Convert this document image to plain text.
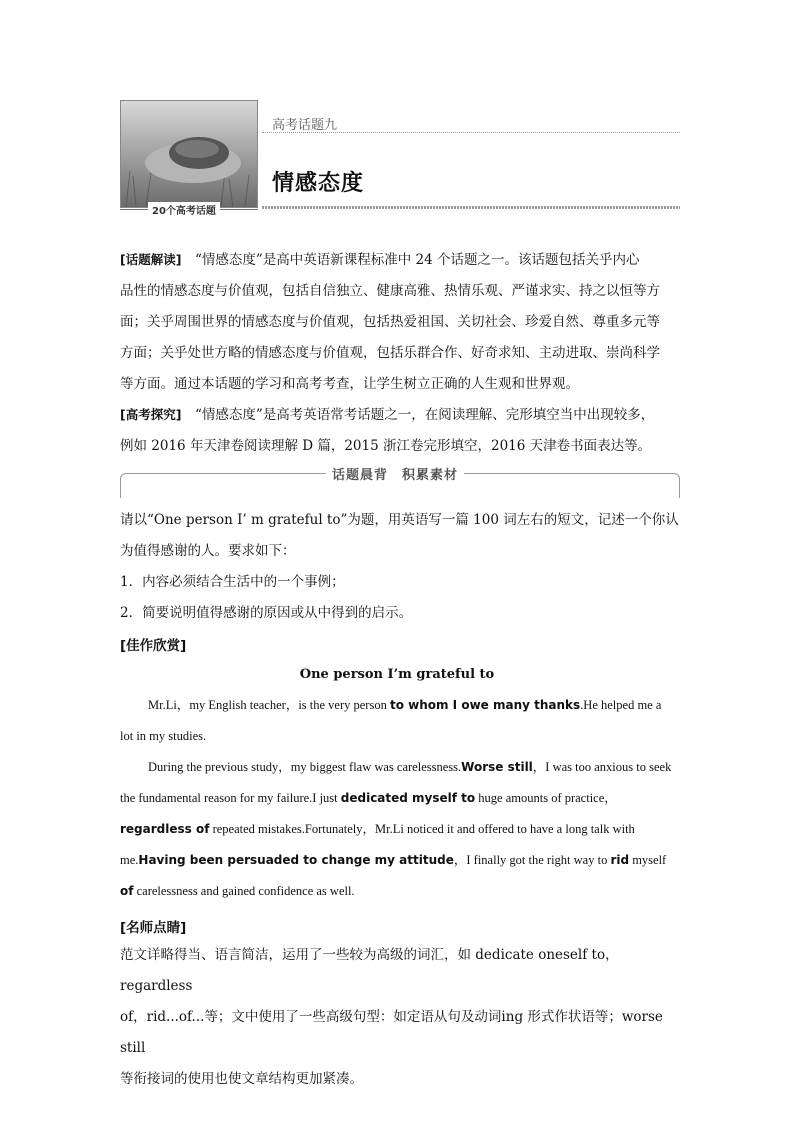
高考话题九
情感态度
20个高考话题
[话题解读]　 “情感态度”是高中英语新课程标准中 24 个话题之一。该话题包括关乎内心
品性的情感态度与价值观，包括自信独立、健康高雅、热情乐观、严谨求实、持之以恒等方
面；关乎周围世界的情感态度与价值观，包括热爱祖国、关切社会、珍爱自然、尊重多元等
方面；关乎处世方略的情感态度与价值观，包括乐群合作、好奇求知、主动进取、崇尚科学
等方面。通过本话题的学习和高考考查，让学生树立正确的人生观和世界观。
[高考探究]　 “情感态度”是高考英语常考话题之一，在阅读理解、完形填空当中出现较多，
例如 2016 年天津卷阅读理解 D 篇，2015 浙江卷完形填空，2016 天津卷书面表达等。
话题晨背　积累素材
请以“One person I’ m grateful to”为题，用英语写一篇 100 词左右的短文，记述一个你认
为值得感谢的人。要求如下：
1．内容必须结合生活中的一个事例；
2．简要说明值得感谢的原因或从中得到的启示。
[佳作欣赏]
One person I’m grateful to
Mr.Li，my English teacher，is the very person to whom I owe many thanks.He helped me a lot in my studies.
During the previous study，my biggest flaw was carelessness.Worse still，I was too anxious to seek the fundamental reason for my failure.I just dedicated myself to huge amounts of practice，regardless of repeated mistakes.Fortunately，Mr.Li noticed it and offered to have a long talk with me.Having been persuaded to change my attitude，I finally got the right way to rid myself of carelessness and gained confidence as well.
[名师点睛]
范文详略得当、语言简洁，运用了一些较为高级的词汇，如 dedicate oneself to，regardless
of，rid...of...等；文中使用了一些高级句型：如定语从句及动词ing 形式作状语等；worse still
等衔接词的使用也使文章结构更加紧凑。
